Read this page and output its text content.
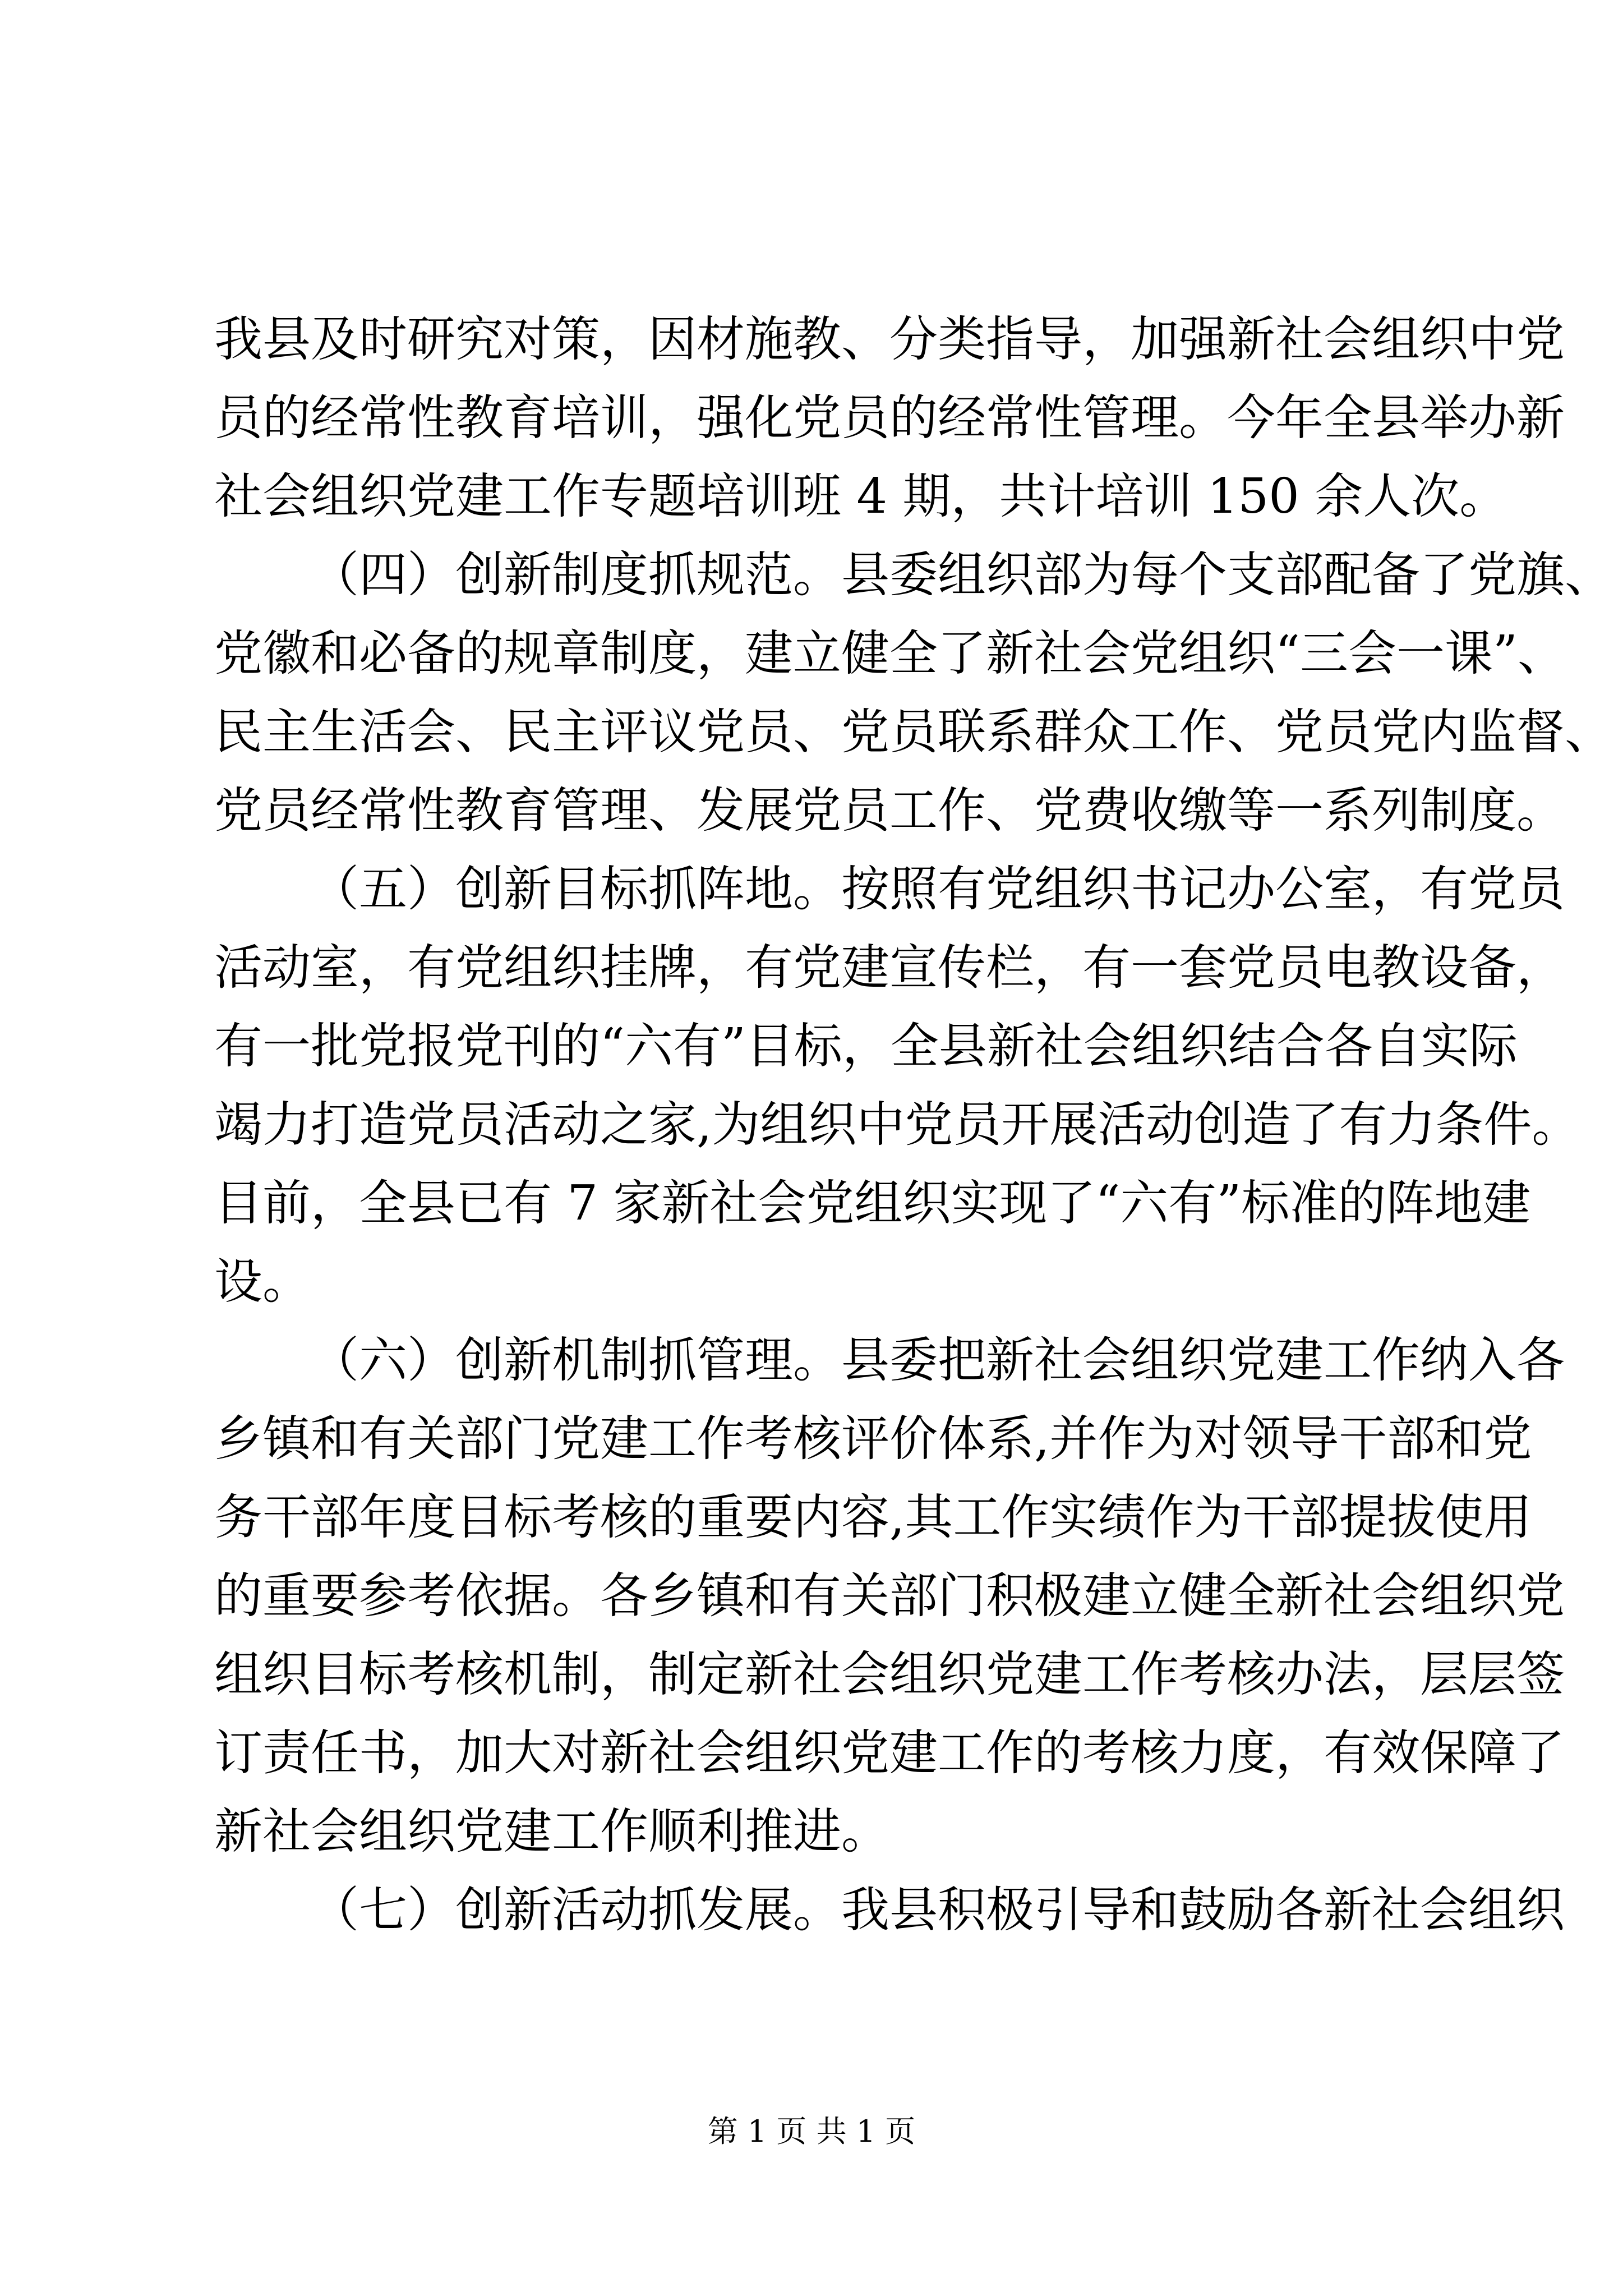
我县及时研究对策，因材施教、分类指导，加强新社会组织中党
员的经常性教育培训，强化党员的经常性管理。今年全县举办新
社会组织党建工作专题培训班 4 期，共计培训 150 余人次。
（四）创新制度抓规范。县委组织部为每个支部配备了党旗、
党徽和必备的规章制度，建立健全了新社会党组织“三会一课”、
民主生活会、民主评议党员、党员联系群众工作、党员党内监督、
党员经常性教育管理、发展党员工作、党费收缴等一系列制度。
（五）创新目标抓阵地。按照有党组织书记办公室，有党员
活动室，有党组织挂牌，有党建宣传栏，有一套党员电教设备，
有一批党报党刊的“六有”目标，全县新社会组织结合各自实际
竭力打造党员活动之家,为组织中党员开展活动创造了有力条件。
目前，全县已有 7 家新社会党组织实现了“六有”标准的阵地建
设。
（六）创新机制抓管理。县委把新社会组织党建工作纳入各
乡镇和有关部门党建工作考核评价体系,并作为对领导干部和党
务干部年度目标考核的重要内容,其工作实绩作为干部提拔使用
的重要参考依据。各乡镇和有关部门积极建立健全新社会组织党
组织目标考核机制，制定新社会组织党建工作考核办法，层层签
订责任书，加大对新社会组织党建工作的考核力度，有效保障了
新社会组织党建工作顺利推进。
（七）创新活动抓发展。我县积极引导和鼓励各新社会组织
第 1 页 共 1 页
